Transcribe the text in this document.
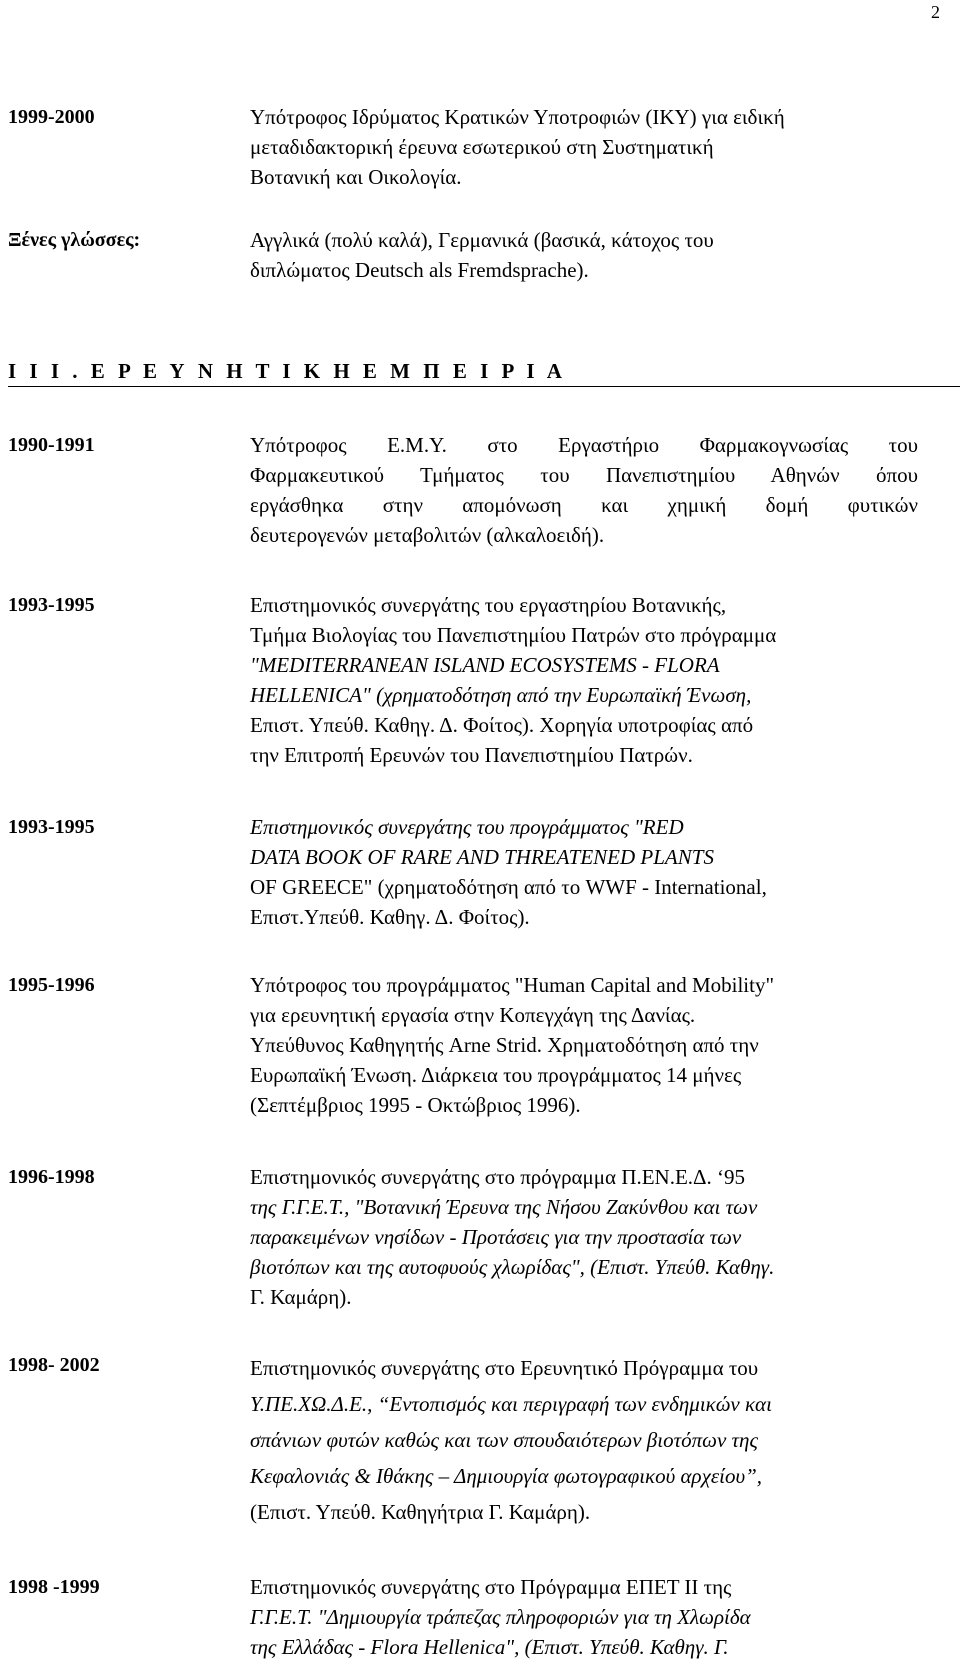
2
1999-2000	Υπότροφος Ιδρύματος Κρατικών Υποτροφιών (ΙΚΥ) για ειδική
μεταδιδακτορική έρευνα εσωτερικού στη Συστηματική
Βοτανική και Οικολογία.
Ξένες γλώσσες:	Αγγλικά (πολύ καλά), Γερμανικά (βασικά, κάτοχος του
διπλώματος Deutsch als Fremdsprache).
I I I . Ε Ρ Ε Υ Ν Η Τ Ι Κ Η Ε Μ Π Ε Ι Ρ Ι Α
1990-1991	Υπότροφος Ε.Μ.Υ. στο Εργαστήριο Φαρμακογνωσίας του
Φαρμακευτικού Τμήματος του Πανεπιστημίου Αθηνών όπου
εργάσθηκα στην απομόνωση και χημική δομή φυτικών
δευτερογενών μεταβολιτών (αλκαλοειδή).
1993-1995	Επιστημονικός συνεργάτης του εργαστηρίου Βοτανικής,
Τμήμα Βιολογίας του Πανεπιστημίου Πατρών στο πρόγραμμα
"MEDITERRANEAN ISLAND ECOSYSTEMS - FLORA
HELLENICA" (χρηματοδότηση από την Ευρωπαϊκή Ένωση,
Επιστ. Υπεύθ. Καθηγ. Δ. Φοίτος). Χορηγία υποτροφίας από
την Επιτροπή Ερευνών του Πανεπιστημίου Πατρών.
1993-1995	Επιστημονικός συνεργάτης του προγράμματος "RED
DATA BOOK OF RARE AND THREATENED PLANTS
OF GREECE" (χρηματοδότηση από το WWF - International,
Επιστ.Υπεύθ. Καθηγ. Δ. Φοίτος).
1995-1996	Υπότροφος του προγράμματος "Human Capital and Mobility"
για ερευνητική εργασία στην Κοπεγχάγη της Δανίας.
Υπεύθυνος Καθηγητής Arne Strid. Χρηματοδότηση από την
Ευρωπαϊκή Ένωση. Διάρκεια του προγράμματος 14 μήνες
(Σεπτέμβριος 1995 - Οκτώβριος 1996).
1996-1998	Επιστημονικός συνεργάτης στο πρόγραμμα Π.ΕΝ.Ε.Δ. ‘95
της Γ.Γ.Ε.Τ., "Βοτανική Έρευνα της Νήσου Ζακύνθου και των
παρακειμένων νησίδων - Προτάσεις για την προστασία των
βιοτόπων και της αυτοφυούς χλωρίδας", (Επιστ. Υπεύθ. Καθηγ.
Γ. Καμάρη).
1998- 2002	Επιστημονικός συνεργάτης στο Ερευνητικό Πρόγραμμα του
Υ.ΠΕ.ΧΩ.Δ.Ε., “Εντοπισμός και περιγραφή των ενδημικών και
σπάνιων φυτών καθώς και των σπουδαιότερων βιοτόπων της
Κεφαλονιάς & Ιθάκης – Δημιουργία φωτογραφικού αρχείου”,
(Επιστ. Υπεύθ. Καθηγήτρια Γ. Καμάρη).
1998 -1999	Επιστημονικός συνεργάτης στο Πρόγραμμα ΕΠΕΤ ΙΙ της
Γ.Γ.Ε.Τ. "Δημιουργία τράπεζας πληροφοριών για τη Χλωρίδα
της Ελλάδας - Flora Hellenica", (Επιστ. Υπεύθ. Καθηγ. Γ.
